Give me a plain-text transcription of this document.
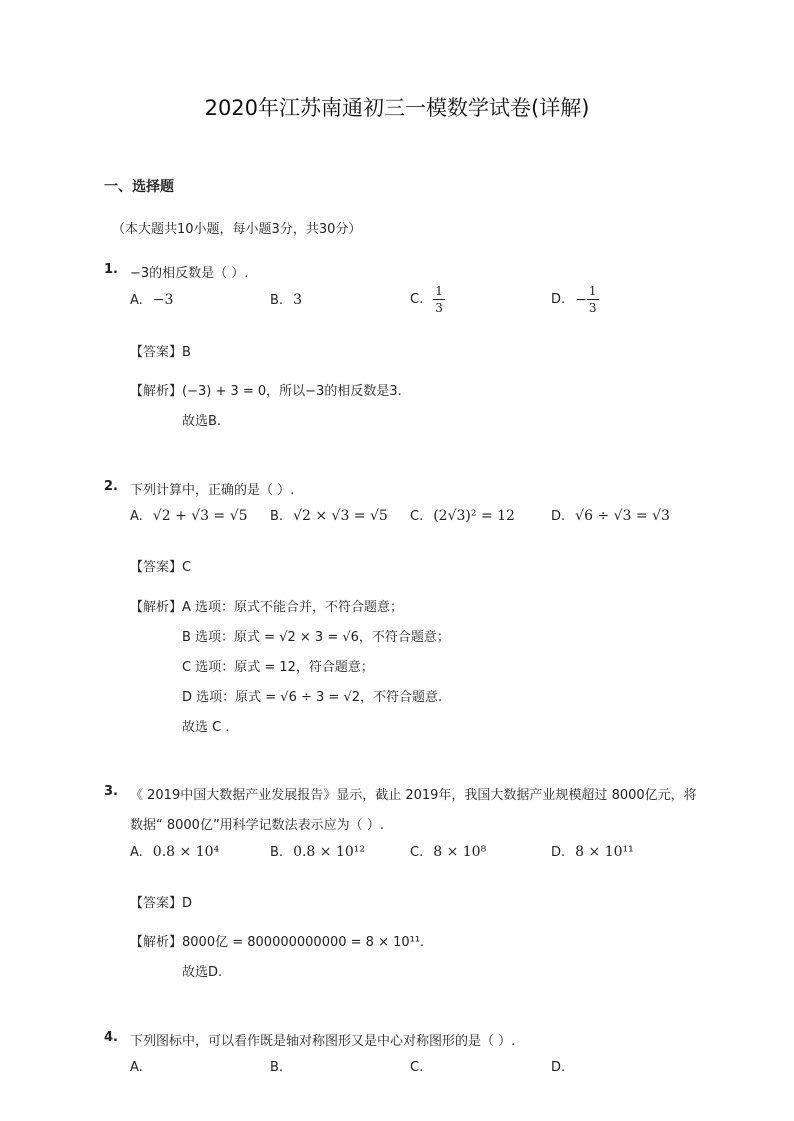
2020年江苏南通初三一模数学试卷(详解)
一、选择题
（本大题共10小题，每小题3分，共30分）
1. −3的相反数是（ ）.
A. −3	B. 3	C. $\frac{1}{3}$	D. − $\frac{1}{3}$
【答案】B
【解析】(−3) + 3 = 0，所以−3的相反数是3.
故选B.
2. 下列计算中，正确的是（ ）.
A. √2 + √3 = √5 B. √2 × √3 = √5 C. (2√3)² = 12	D. √6 ÷ √3 = √3
【答案】C
【解析】A 选项：原式不能合并，不符合题意；
B 选项：原式 = √2 × 3 = √6，不符合题意；
C 选项：原式 = 12，符合题意；
D 选项：原式 = √6 ÷ 3 = √2，不符合题意.
故选 C .
3. 《 2019中国大数据产业发展报告》显示，截止 2019年，我国大数据产业规模超过 8000亿元，将
数据“ 8000亿”用科学记数法表示应为（ ）.
A. 0.8 × 10⁴	B. 0.8 × 10¹²	C. 8 × 10⁸	D. 8 × 10¹¹
【答案】D
【解析】8000亿 = 800000000000 = 8 × 10¹¹.
故选D.
4. 下列图标中，可以看作既是轴对称图形又是中心对称图形的是（ ）.
A.	B.	C.	D.
